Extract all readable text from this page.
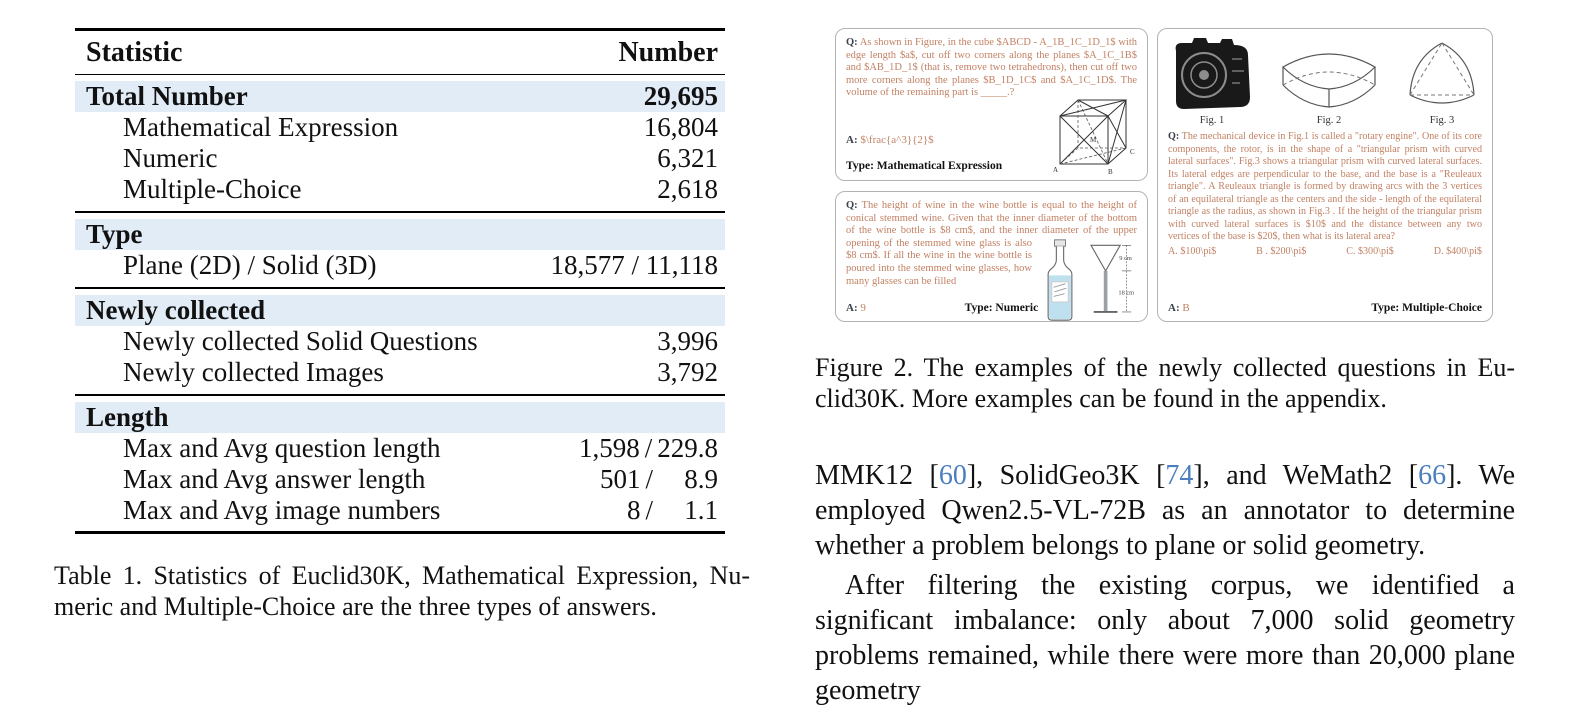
Statistic	Number
Total Number	29,695
Mathematical Expression	16,804
Numeric	6,321
Multiple-Choice	2,618
Type
Plane (2D) / Solid (3D)	18,577 / 11,118
Newly collected
Newly collected Solid Questions	3,996
Newly collected Images	3,792
Length
Max and Avg question length	1,598 / 229.8
Max and Avg answer length	501 /	8.9
Max and Avg image numbers	8 /	1.1
Table 1. Statistics of Euclid30K, Mathematical Expression, Nu-
meric and Multiple-Choice are the three types of answers.
Q: As shown in Figure, in the cube $ABCD - A_1B_1C_1D_1$ with edge length $a$, cut off two corners along the planes $A_1C_1B$ and $AB_1D_1$ (that is, remove two tetrahedrons), then cut off two more corners along the planes $B_1D_1C$ and $A_1C_1D$. The volume of the remaining part is _____.?
A: $\frac{a^3}{2}$
Type: Mathematical Expression	A	B
C
M
Q: The height of wine in the wine bottle is equal to the height of conical stemmed wine. Given that the inner diameter of the bottom of the wine bottle is $8 cm$, and the inner diameter
9 cm
18 cm
of the upper opening of the stemmed wine glass is also $8 cm$. If all the wine in the wine bottle is poured into the stemmed wine glasses, how many glasses can be filled
A: 9	Type: Numeric
Fig. 1	Fig. 2	Fig. 3
Q: The mechanical device in Fig.1 is called a "rotary engine". One of its core components, the rotor, is in the shape of a "triangular prism with curved lateral surfaces". Fig.3 shows a triangular prism with curved lateral surfaces. Its lateral edges are perpendicular to the base, and the base is a "Reuleaux triangle". A Reuleaux triangle is formed by drawing arcs with the 3 vertices of an equilateral triangle as the centers and the side - length of the equilateral triangle as the radius, as shown in Fig.3 . If the height of the triangular prism with curved lateral surfaces is $10$ and the distance between any two vertices of the base is $20$, then what is its lateral area?
A. $100\pi$	B . $200\pi$	C. $300\pi$	D. $400\pi$
A: B	Type: Multiple-Choice
Figure 2. The examples of the newly collected questions in Eu-
clid30K. More examples can be found in the appendix.

MMK12 [60], SolidGeo3K [74], and WeMath2 [66]. We employed Qwen2.5-VL-72B as an annotator to determine whether a problem belongs to plane or solid geometry.

After filtering the existing corpus, we identified a significant imbalance: only about 7,000 solid geometry problems remained, while there were more than 20,000 plane geometry
